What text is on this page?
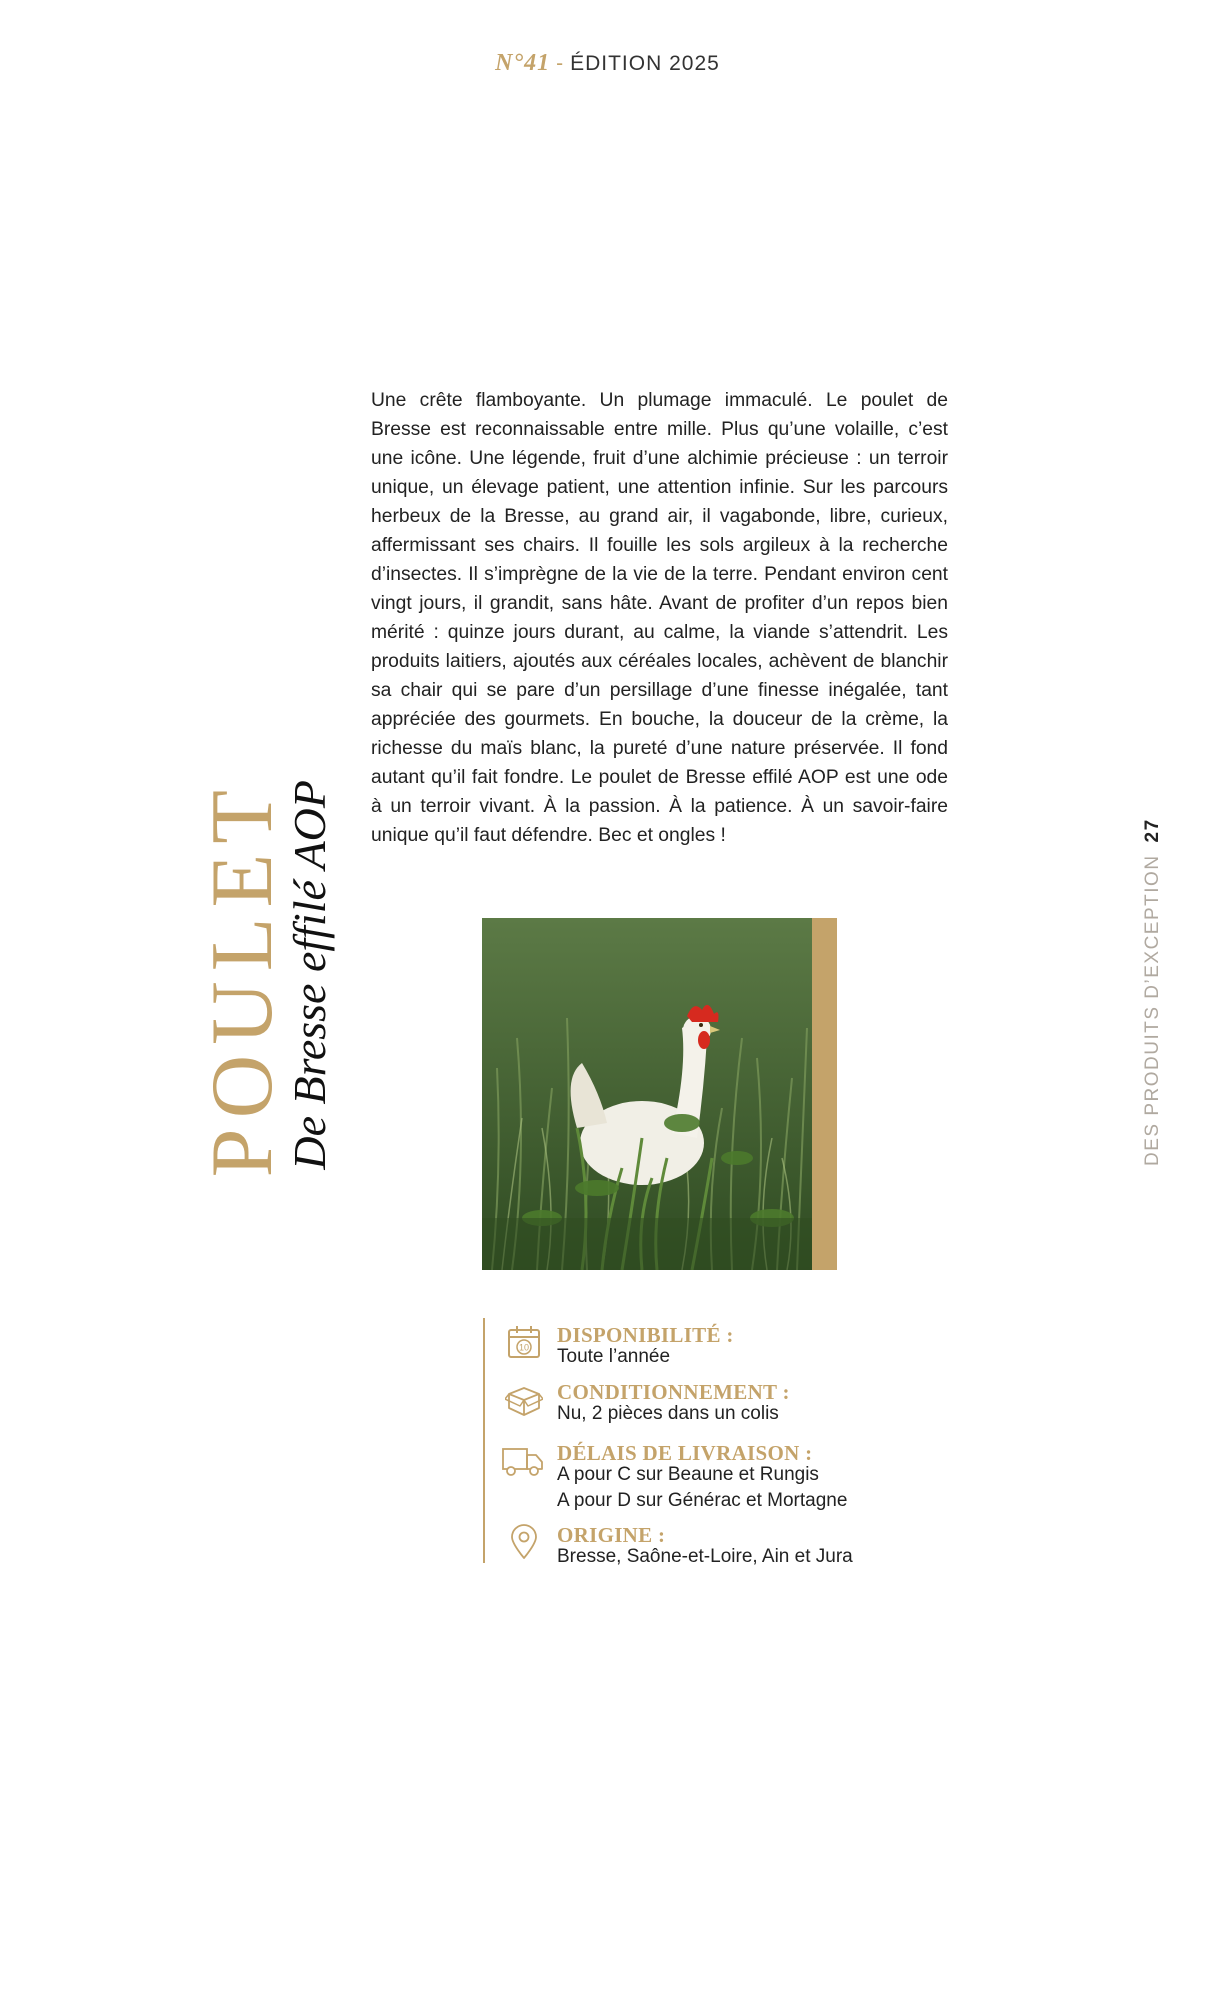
N°41 - ÉDITION 2025
POULET
De Bresse effilé AOP
Une crête flamboyante. Un plumage immaculé. Le poulet de Bresse est reconnaissable entre mille. Plus qu’une volaille, c’est une icône. Une légende, fruit d’une alchimie précieuse : un terroir unique, un élevage patient, une attention infinie. Sur les parcours herbeux de la Bresse, au grand air, il vagabonde, libre, curieux, affermissant ses chairs. Il fouille les sols argileux à la recherche d’insectes. Il s’imprègne de la vie de la terre. Pendant environ cent vingt jours, il grandit, sans hâte. Avant de profiter d’un repos bien mérité : quinze jours durant, au calme, la viande s’attendrit. Les produits laitiers, ajoutés aux céréales locales, achèvent de blanchir sa chair qui se pare d’un persillage d’une finesse inégalée, tant appréciée des gourmets. En bouche, la douceur de la crème, la richesse du maïs blanc, la pureté d’une nature préservée. Il fond autant qu’il fait fondre. Le poulet de Bresse effilé AOP est une ode à un terroir vivant. À la passion. À la patience. À un savoir-faire unique qu’il faut défendre. Bec et ongles !
10
DISPONIBILITÉ :
Toute l’année
CONDITIONNEMENT :
Nu, 2 pièces dans un colis
DÉLAIS DE LIVRAISON :
A pour C sur Beaune et Rungis
A pour D sur Générac et Mortagne
ORIGINE :
Bresse, Saône-et-Loire, Ain et Jura
DES PRODUITS D’EXCEPTION27
